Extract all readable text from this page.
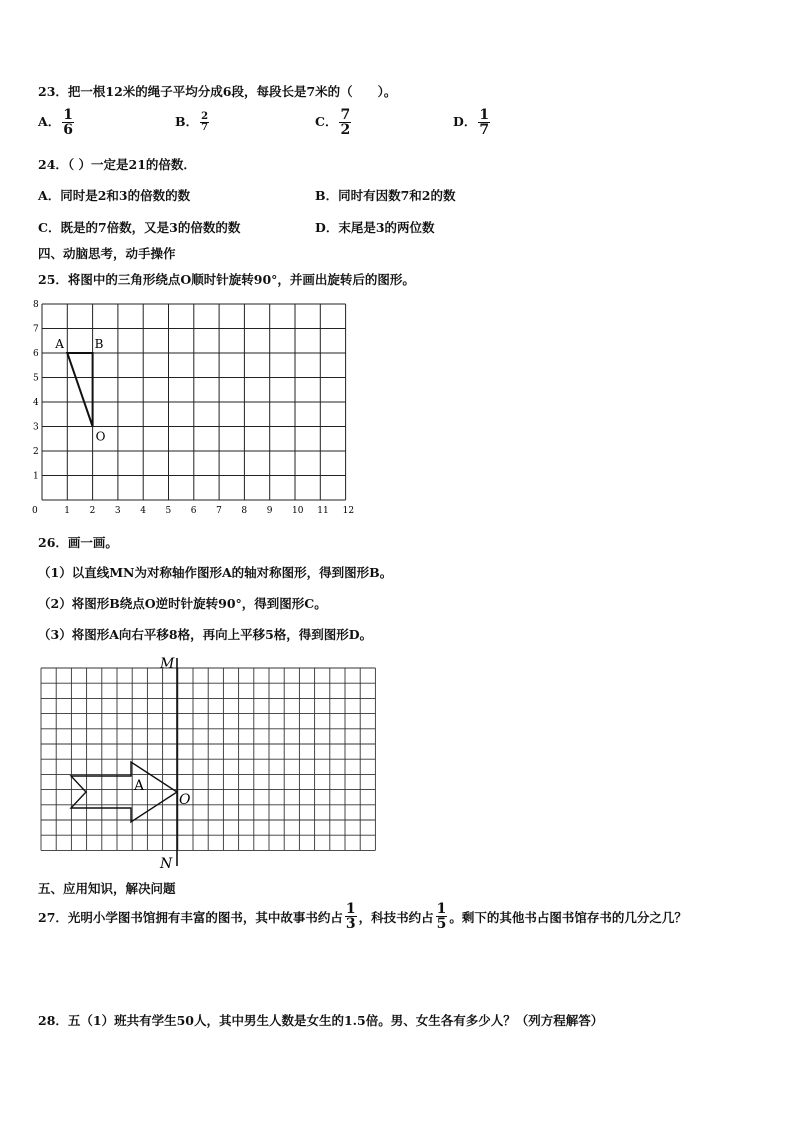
23．把一根12米的绳子平均分成6段，每段长是7米的（　　）。
A． $\frac{1}{6}$	B． $\frac{2}{7}$	C． $\frac{7}{2}$	D． $\frac{1}{7}$
24．（ ）一定是21的倍数．
A．同时是2和3的倍数的数	B．同时有因数7和2的数
C．既是的7倍数，又是3的倍数的数	D．末尾是3的两位数
四、动脑思考，动手操作
25．将图中的三角形绕点O顺时针旋转90°，并画出旋转后的图形。
0	1 2 3 4 5 6 7 8 9 10 11 12
1
2
3
4
5
6
7
8
A	B
O
26．画一画。
（1）以直线MN为对称轴作图形A的轴对称图形，得到图形B。
（2）将图形B绕点O逆时针旋转90°，得到图形C。
（3）将图形A向右平移8格，再向上平移5格，得到图形D。
M
N
A
O
五、应用知识，解决问题
27．光明小学图书馆拥有丰富的图书，其中故事书约占 $\frac{1}{3}$ ，科技书约占 $\frac{1}{5}$ 。剩下的其他书占图书馆存书的几分之几？
28．五（1）班共有学生50人，其中男生人数是女生的1.5倍。男、女生各有多少人？（列方程解答）
